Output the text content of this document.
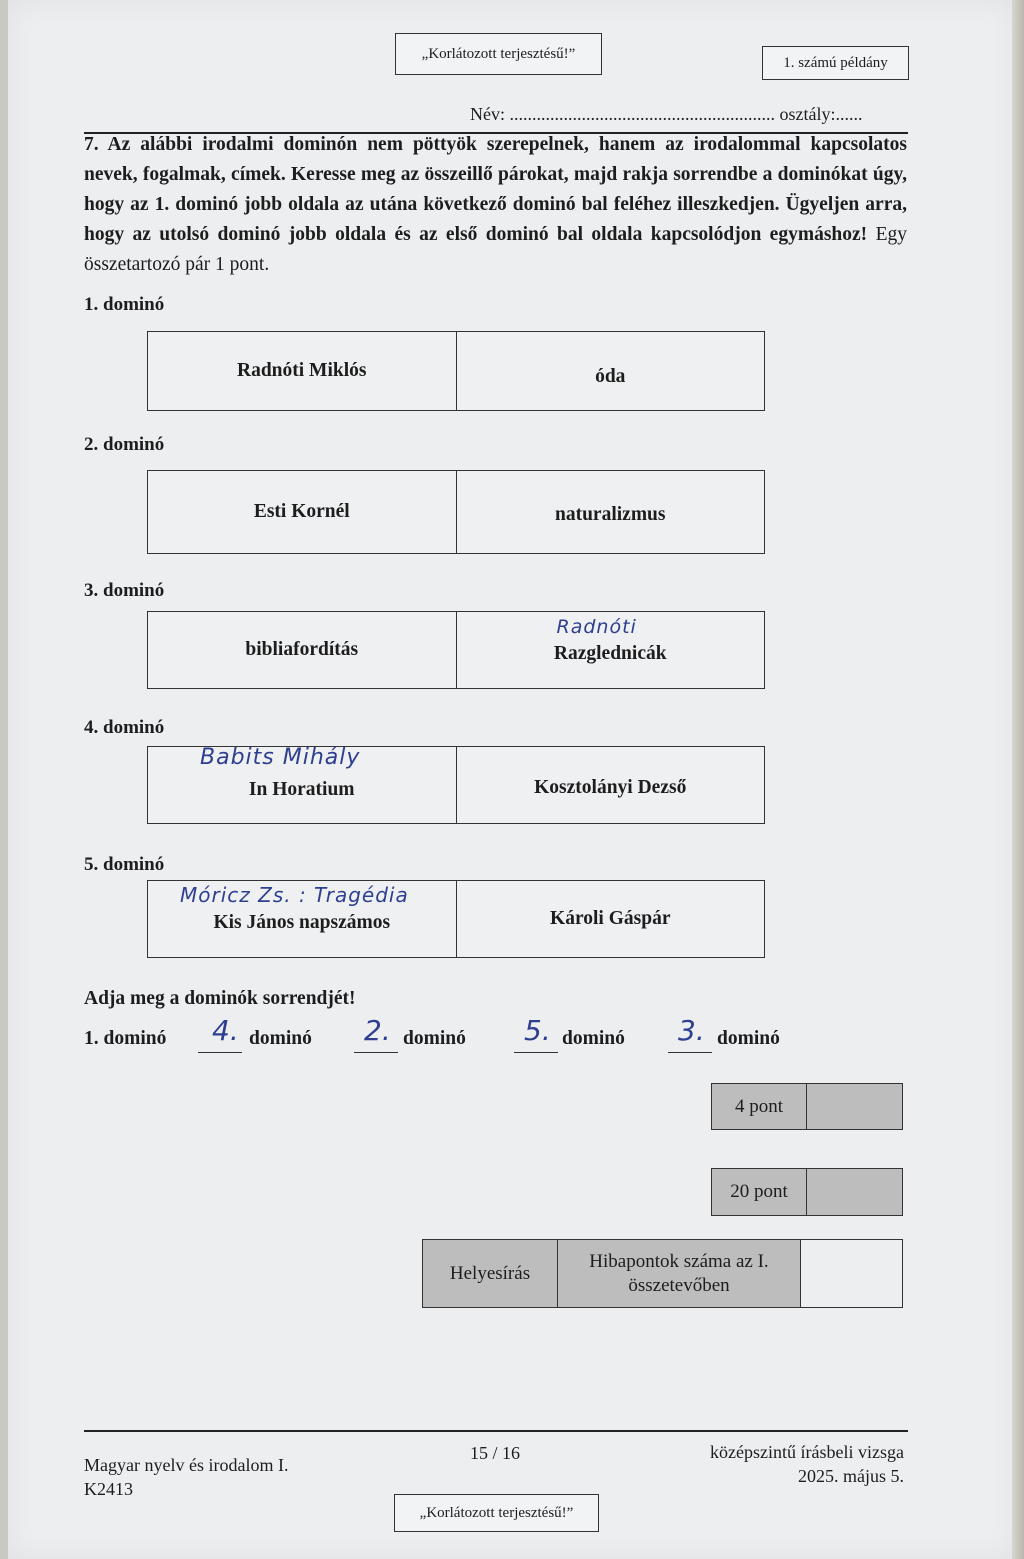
„Korlátozott terjesztésű!”
1. számú példány
Név: ........................................................... osztály:......
7. Az alábbi irodalmi dominón nem pöttyök szerepelnek, hanem az irodalommal kapcsolatos nevek, fogalmak, címek. Keresse meg az összeillő párokat, majd rakja sorrendbe a dominókat úgy, hogy az 1. dominó jobb oldala az utána következő dominó bal feléhez illeszkedjen. Ügyeljen arra, hogy az utolsó dominó jobb oldala és az első dominó bal oldala kapcsolódjon egymáshoz! Egy összetartozó pár 1 pont.
1. dominó
Radnóti Miklós	óda
2. dominó
Esti Kornél	naturalizmus
3. dominó
bibliafordítás
Radnóti
Razglednicák
4. dominó
Babits Mihály
In Horatium	Kosztolányi Dezső
5. dominó
Móricz Zs. : Tragédia
Kis János napszámos	Károli Gáspár
Adja meg a dominók sorrendjét!
1. dominó 4. dominó 2. dominó 5. dominó 3. dominó
4 pont
20 pont
Helyesírás
Hibapontok száma az I. összetevőben
Magyar nyelv és irodalom I.
K2413
15 / 16	középszintű írásbeli vizsga
2025. május 5.
„Korlátozott terjesztésű!”
